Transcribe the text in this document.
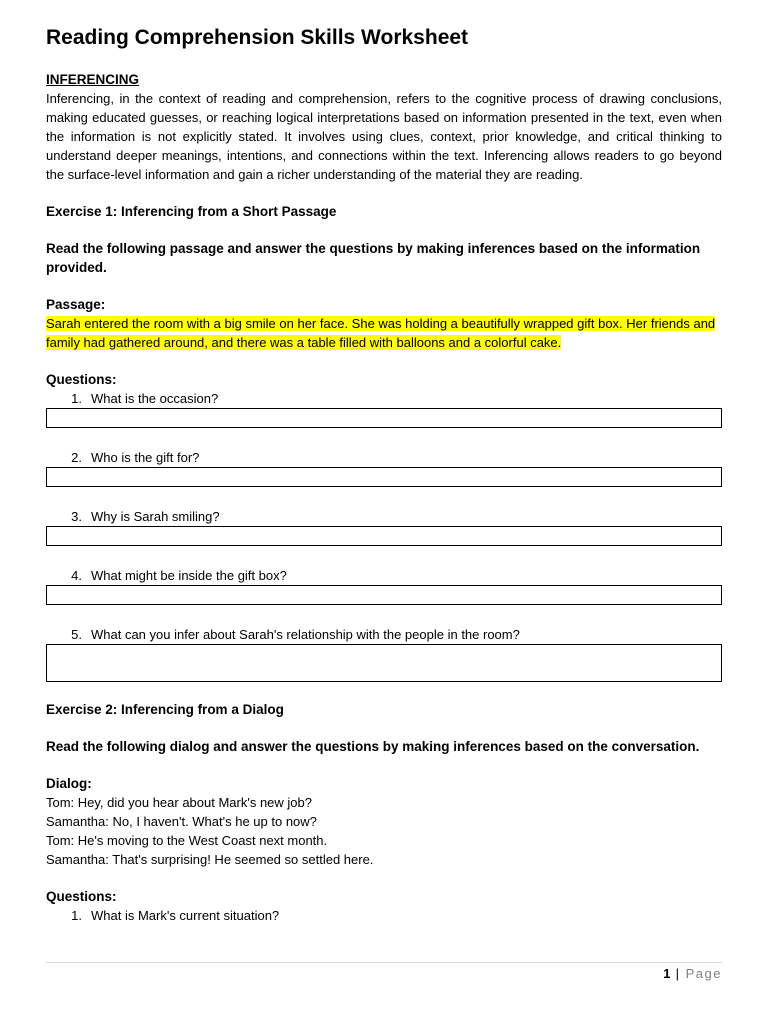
Reading Comprehension Skills Worksheet
INFERENCING
Inferencing, in the context of reading and comprehension, refers to the cognitive process of drawing conclusions, making educated guesses, or reaching logical interpretations based on information presented in the text, even when the information is not explicitly stated. It involves using clues, context, prior knowledge, and critical thinking to understand deeper meanings, intentions, and connections within the text. Inferencing allows readers to go beyond the surface-level information and gain a richer understanding of the material they are reading.
Exercise 1: Inferencing from a Short Passage
Read the following passage and answer the questions by making inferences based on the information provided.
Passage:
Sarah entered the room with a big smile on her face. She was holding a beautifully wrapped gift box. Her friends and family had gathered around, and there was a table filled with balloons and a colorful cake.
Questions:
1. What is the occasion?
2. Who is the gift for?
3. Why is Sarah smiling?
4. What might be inside the gift box?
5. What can you infer about Sarah's relationship with the people in the room?
Exercise 2: Inferencing from a Dialog
Read the following dialog and answer the questions by making inferences based on the conversation.
Dialog:
Tom: Hey, did you hear about Mark's new job?
Samantha: No, I haven't. What's he up to now?
Tom: He's moving to the West Coast next month.
Samantha: That's surprising! He seemed so settled here.
Questions:
1. What is Mark's current situation?
1 | Page
